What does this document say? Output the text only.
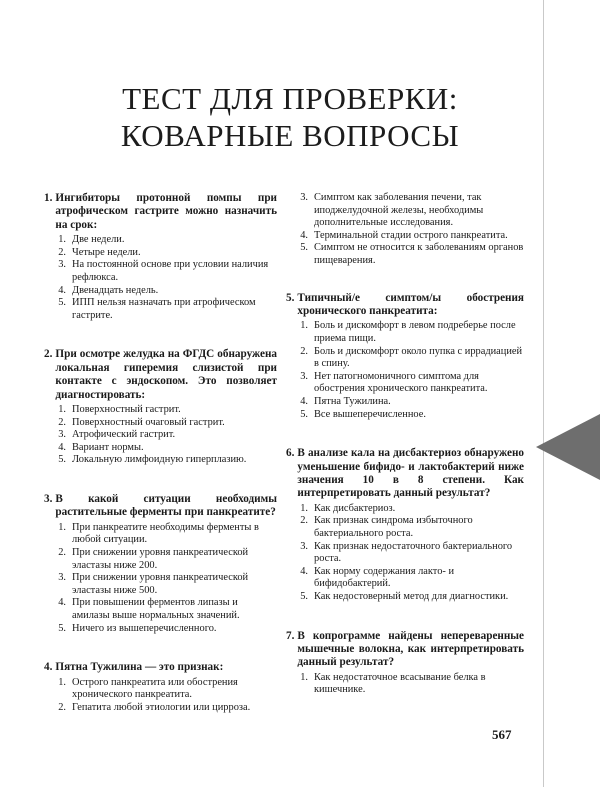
ТЕСТ ДЛЯ ПРОВЕРКИ:
КОВАРНЫЕ ВОПРОСЫ
1. Ингибиторы протонной помпы при атрофическом гастрите можно назначить на срок:
1. Две недели.
2. Четыре недели.
3. На постоянной основе при условии наличия рефлюкса.
4. Двенадцать недель.
5. ИПП нельзя назначать при атрофическом гастрите.
2. При осмотре желудка на ФГДС обнаружена локальная гиперемия слизистой при контакте с эндоскопом. Это позволяет диагностировать:
1. Поверхностный гастрит.
2. Поверхностный очаговый гастрит.
3. Атрофический гастрит.
4. Вариант нормы.
5. Локальную лимфоидную гиперплазию.
3. В какой ситуации необходимы растительные ферменты при панкреатите?
1. При панкреатите необходимы ферменты в любой ситуации.
2. При снижении уровня панкреатической эластазы ниже 200.
3. При снижении уровня панкреатической эластазы ниже 500.
4. При повышении ферментов липазы и амилазы выше нормальных значений.
5. Ничего из вышеперечисленного.
4. Пятна Тужилина — это признак:
1. Острого панкреатита или обострения хронического панкреатита.
2. Гепатита любой этиологии или цирроза.
3. Симптом как заболевания печени, так иподжелудочной железы, необходимы дополнительные исследования.
4. Терминальной стадии острого панкреатита.
5. Симптом не относится к заболеваниям органов пищеварения.
5. Типичный/е симптом/ы обострения хронического панкреатита:
1. Боль и дискомфорт в левом подреберье после приема пищи.
2. Боль и дискомфорт около пупка с иррадиацией в спину.
3. Нет патогномоничного симптома для обострения хронического панкреатита.
4. Пятна Тужилина.
5. Все вышеперечисленное.
6. В анализе кала на дисбактериоз обнаружено уменьшение бифидо- и лактобактерий ниже значения 10 в 8 степени. Как интерпретировать данный результат?
1. Как дисбактериоз.
2. Как признак синдрома избыточного бактериального роста.
3. Как признак недостаточного бактериального роста.
4. Как норму содержания лакто- и бифидобактерий.
5. Как недостоверный метод для диагностики.
7. В копрограмме найдены непереваренные мышечные волокна, как интерпретировать данный результат?
1. Как недостаточное всасывание белка в кишечнике.
567
